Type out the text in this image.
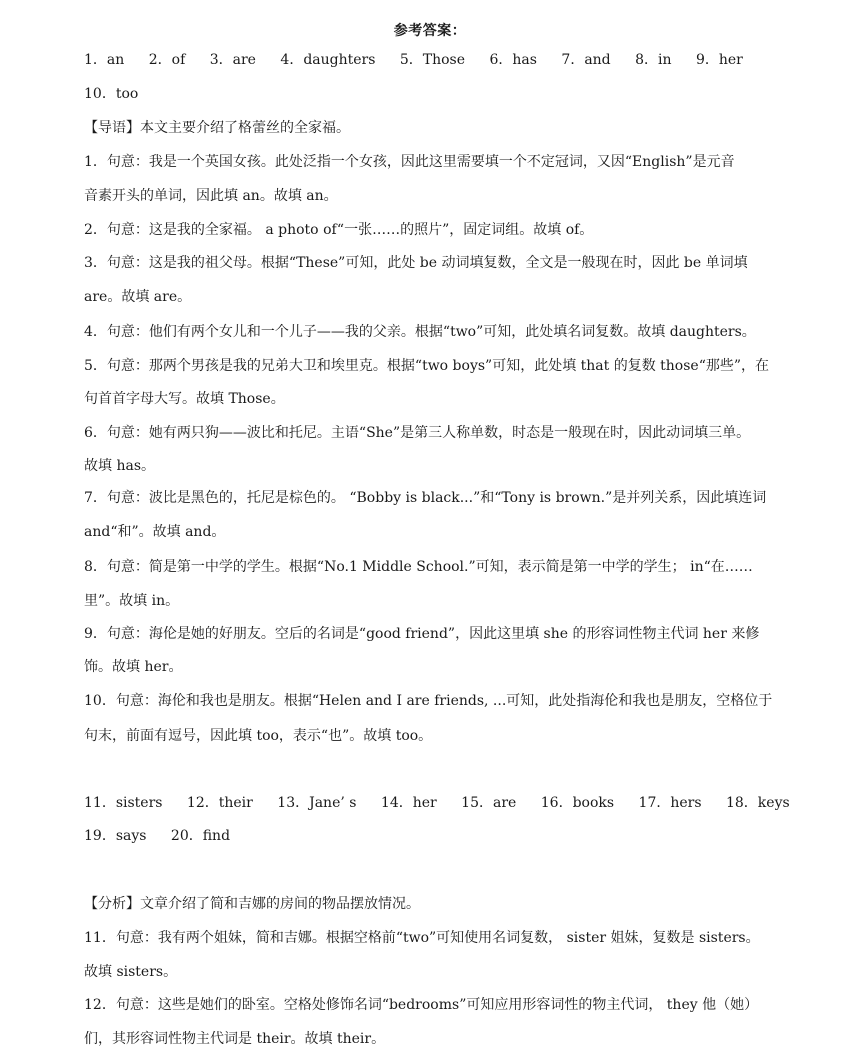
参考答案：
1．an 2．of 3．are 4．daughters 5．Those 6．has 7．and 8．in 9．her
10．too
【导语】本文主要介绍了格蕾丝的全家福。
1．句意：我是一个英国女孩。此处泛指一个女孩，因此这里需要填一个不定冠词，又因“English”是元音
音素开头的单词，因此填 an。故填 an。
2．句意：这是我的全家福。 a photo of“一张……的照片”，固定词组。故填 of。
3．句意：这是我的祖父母。根据“These”可知，此处 be 动词填复数，全文是一般现在时，因此 be 单词填
are。故填 are。
4．句意：他们有两个女儿和一个儿子——我的父亲。根据“two”可知，此处填名词复数。故填 daughters。
5．句意：那两个男孩是我的兄弟大卫和埃里克。根据“two boys”可知，此处填 that 的复数 those“那些”，在
句首首字母大写。故填 Those。
6．句意：她有两只狗——波比和托尼。主语“She”是第三人称单数，时态是一般现在时，因此动词填三单。
故填 has。
7．句意：波比是黑色的，托尼是棕色的。 “Bobby is black...”和“Tony is brown.”是并列关系，因此填连词
and“和”。故填 and。
8．句意：简是第一中学的学生。根据“No.1 Middle School.”可知，表示简是第一中学的学生； in“在……
里”。故填 in。
9．句意：海伦是她的好朋友。空后的名词是“good friend”，因此这里填 she 的形容词性物主代词 her 来修
饰。故填 her。
10．句意：海伦和我也是朋友。根据“Helen and I are friends, ...可知，此处指海伦和我也是朋友，空格位于
句末，前面有逗号，因此填 too，表示“也”。故填 too。
11．sisters 12．their 13．Jane’ s 14．her 15．are 16．books 17．hers 18．keys
19．says 20．find
【分析】文章介绍了简和吉娜的房间的物品摆放情况。
11．句意：我有两个姐妹，简和吉娜。根据空格前“two”可知使用名词复数， sister 姐妹，复数是 sisters。
故填 sisters。
12．句意：这些是她们的卧室。空格处修饰名词“bedrooms”可知应用形容词性的物主代词， they 他（她）
们，其形容词性物主代词是 their。故填 their。
